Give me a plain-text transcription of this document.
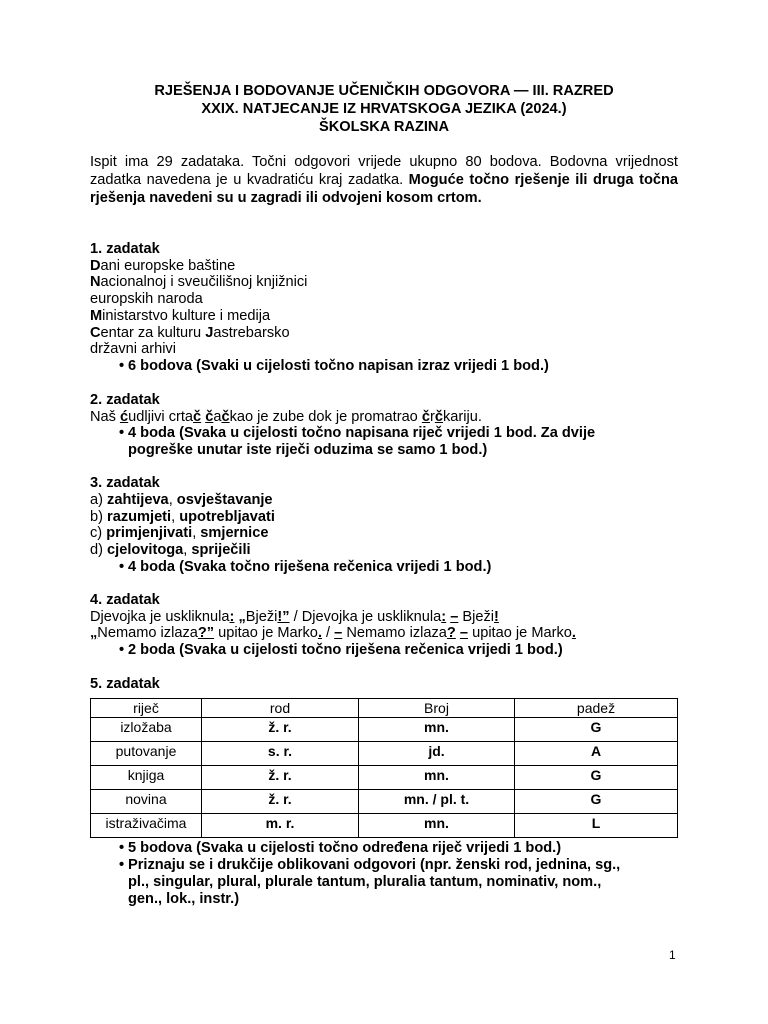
RJEŠENJA I BODOVANJE UČENIČKIH ODGOVORA — III. RAZRED
XXIX. NATJECANJE IZ HRVATSKOGA JEZIKA (2024.)
ŠKOLSKA RAZINA
Ispit ima 29 zadataka. Točni odgovori vrijede ukupno 80 bodova. Bodovna vrijednost zadatka navedena je u kvadratiću kraj zadatka. Moguće točno rješenje ili druga točna rješenja navedeni su u zagradi ili odvojeni kosom crtom.
1. zadatak
Dani europske baštine
Nacionalnoj i sveučilišnoj knjižnici
europskih naroda
Ministarstvo kulture i medija
Centar za kulturu Jastrebarsko
državni arhivi
• 6 bodova (Svaki u cijelosti točno napisan izraz vrijedi 1 bod.)
2. zadatak
Naš ćudljivi crtač čačkao je zube dok je promatrao črčkariju.
• 4 boda (Svaka u cijelosti točno napisana riječ vrijedi 1 bod. Za dvije
pogreške unutar iste riječi oduzima se samo 1 bod.)
3. zadatak
a) zahtijeva, osvještavanje
b) razumjeti, upotrebljavati
c) primjenjivati, smjernice
d) cjelovitoga, spriječili
• 4 boda (Svaka točno riješena rečenica vrijedi 1 bod.)
4. zadatak
Djevojka je uskliknula: „Bježi!” / Djevojka je uskliknula: – Bježi!
„Nemamo izlaza?” upitao je Marko. / – Nemamo izlaza? – upitao je Marko.
• 2 boda (Svaka u cijelosti točno riješena rečenica vrijedi 1 bod.)
5. zadatak
riječ	rod	Broj	padež
izložaba	ž. r.	mn.	G
putovanje	s. r.	jd.	A
knjiga	ž. r.	mn.	G
novina	ž. r.	mn. / pl. t.	G
istraživačima	m. r.	mn.	L
• 5 bodova (Svaka u cijelosti točno određena riječ vrijedi 1 bod.)
• Priznaju se i drukčije oblikovani odgovori (npr. ženski rod, jednina, sg.,
pl., singular, plural, plurale tantum, pluralia tantum, nominativ, nom.,
gen., lok., instr.)
1
